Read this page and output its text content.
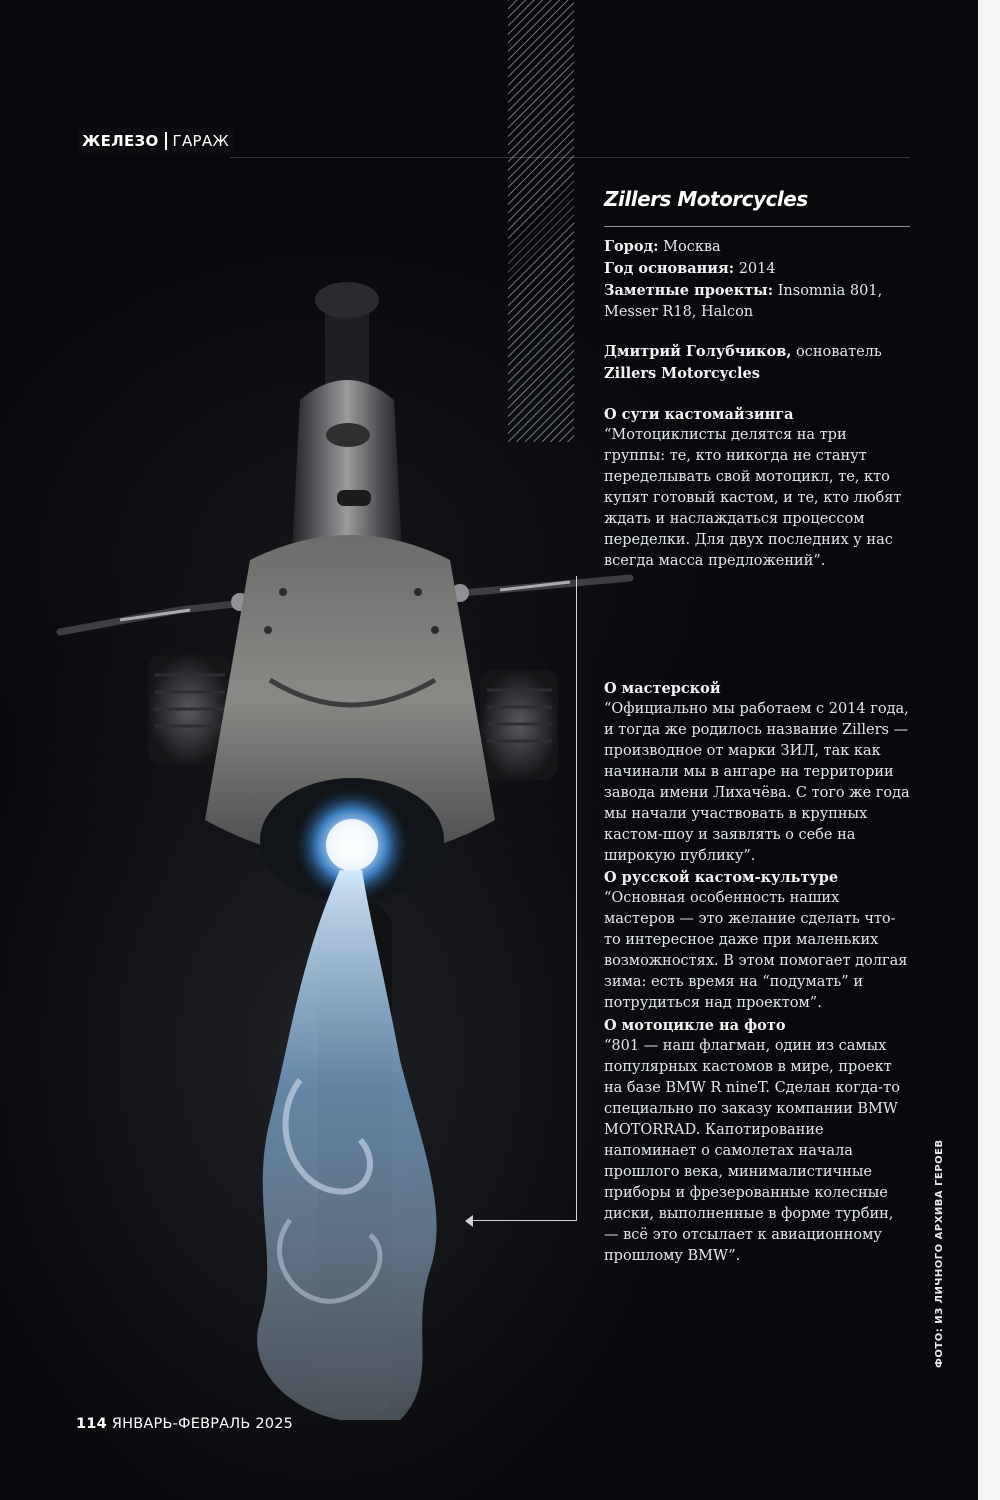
ЖЕЛЕЗО ГАРАЖ
Zillers Motorcycles

Город: Москва

Год основания: 2014

Заметные проекты: Insomnia 801, Messer R18, Halcon

Дмитрий Голубчиков, основатель Zillers Motorcycles

О сути кастомайзинга

“Мотоциклисты делятся на три группы: те, кто никогда не станут переделывать свой мотоцикл, те, кто купят готовый кастом, и те, кто любят ждать и наслаждаться процессом переделки. Для двух последних у нас всегда масса предложений”.

О мастерской

“Официально мы работаем с 2014 года, и тогда же родилось название Zillers — производное от марки ЗИЛ, так как начинали мы в ангаре на территории завода имени Лихачёва. С того же года мы начали участвовать в крупных кастом-шоу и заявлять о себе на широкую публику”.

О русской кастом-культуре

“Основная особенность наших мастеров — это желание сделать что-то интересное даже при маленьких возможностях. В этом помогает долгая зима: есть время на “подумать” и потрудиться над проектом”.

О мотоцикле на фото

“801 — наш флагман, один из самых популярных кастомов в мире, проект на базе BMW R nineT. Сделан когда-то специально по заказу компании BMW MOTORRAD. Капотирование напоминает о самолетах начала прошлого века, минималистичные приборы и фрезерованные колесные диски, выполненные в форме турбин, — всё это отсылает к авиационному прошлому BMW”.

114 ЯНВАРЬ-ФЕВРАЛЬ 2025
ФОТО: ИЗ ЛИЧНОГО АРХИВА ГЕРОЕВ
